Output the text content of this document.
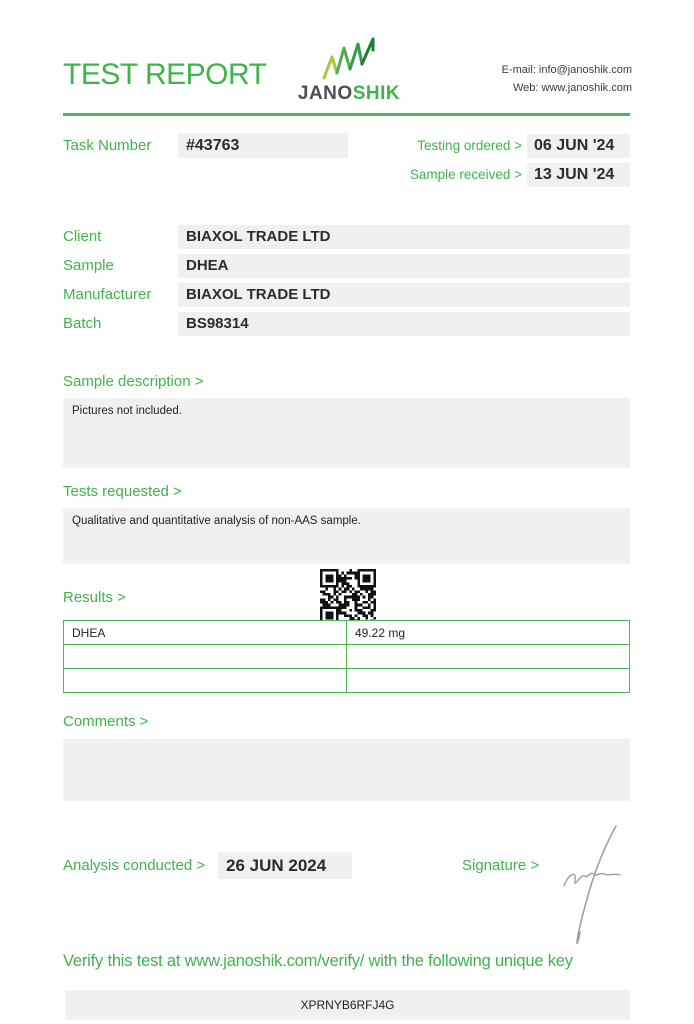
TEST REPORT
JANOSHIK
E-mail: info@janoshik.com
Web: www.janoshik.com
Task Number	#43763	Testing ordered > 06 JUN '24
Sample received > 13 JUN '24
Client	BIAXOL TRADE LTD
Sample	DHEA
Manufacturer	BIAXOL TRADE LTD
Batch	BS98314
Sample description >
Pictures not included.
Tests requested >
Qualitative and quantitative analysis of non-AAS sample.
Results >
DHEA	49.22 mg

Comments >
Analysis conducted >	26 JUN 2024	Signature >
Verify this test at www.janoshik.com/verify/ with the following unique key
XPRNYB6RFJ4G
